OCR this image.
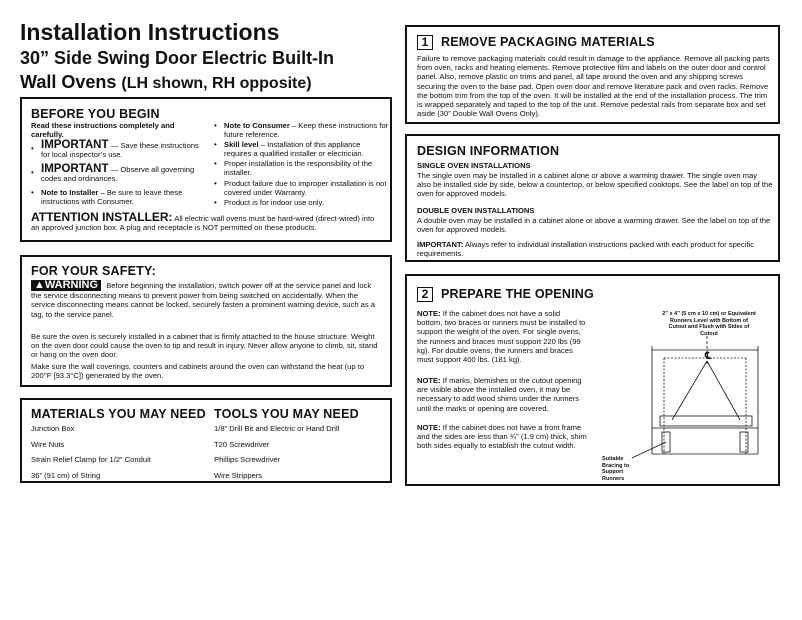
Installation Instructions
30” Side Swing Door Electric Built-In
Wall Ovens (LH shown, RH opposite)
BEFORE YOU BEGIN
Read these instructions completely and carefully.
• IMPORTANT — Save these instructions for local inspector’s use.
• IMPORTANT — Observe all governing codes and ordinances.
• Note to Installer – Be sure to leave these instructions with Consumer.
• Note to Consumer – Keep these instructions for future reference.
• Skill level – Installation of this appliance requires a qualified installer or electrician.
• Proper installation is the responsibility of the installer.
• Product failure due to improper installation is not covered under Warranty.
• Product is for indoor use only.
ATTENTION INSTALLER: All electric wall ovens must be hard-wired (direct-wired) into an approved junction box. A plug and receptacle is NOT permitted on these products.
FOR YOUR SAFETY:
▲WARNING Before beginning the installation, switch power off at the service panel and lock the service disconnecting means to prevent power from being switched on accidentally. When the service disconnecting means cannot be locked, securely fasten a prominent warning device, such as a tag, to the service panel.
Be sure the oven is securely installed in a cabinet that is firmly attached to the house structure. Weight on the oven door could cause the oven to tip and result in injury. Never allow anyone to climb, sit, stand or hang on the oven door.
Make sure the wall coverings, counters and cabinets around the oven can withstand the heat (up to 200°F [93.3°C]) generated by the oven.
MATERIALS YOU MAY NEED
Junction Box
Wire Nuts
Strain Relief Clamp for 1/2” Conduit
36” (91 cm) of String
TOOLS YOU MAY NEED
1/8” Drill Bit and Electric or Hand Drill
T20 Screwdriver
Phillips Screwdriver
Wire Strippers
1 REMOVE PACKAGING MATERIALS
Failure to remove packaging materials could result in damage to the appliance. Remove all packing parts from oven, racks and heating elements. Remove protective film and labels on the outer door and control panel. Also, remove plastic on trims and panel, all tape around the oven and any shipping screws securing the oven to the base pad. Open oven door and remove literature pack and oven racks. Remove the bottom trim from the top of the oven. It will be installed at the end of the installation process. The trim is wrapped separately and taped to the top of the unit. Remove pedestal rails from separate box and set aside (30” Double Wall Ovens Only).
DESIGN INFORMATION
SINGLE OVEN INSTALLATIONS
The single oven may be installed in a cabinet alone or above a warming drawer. The single oven may also be installed side by side, below a countertop, or below specified cooktops. See the label on top of the oven for approved models.
DOUBLE OVEN INSTALLATIONS
A double oven may be installed in a cabinet alone or above a warming drawer. See the label on top of the oven for approved models.
IMPORTANT: Always refer to individual installation instructions packed with each product for specific requirements.
2 PREPARE THE OPENING
NOTE: If the cabinet does not have a solid bottom, two braces or runners must be installed to support the weight of the oven. For single ovens, the runners and braces must support 220 lbs (99 kg). For double ovens, the runners and braces must support 400 lbs. (181 kg).
NOTE: If marks, blemishes or the cutout opening are visible above the installed oven, it may be necessary to add wood shims under the runners until the marks or opening are covered.
NOTE: If the cabinet does not have a front frame and the sides are less than ¾” (1.9 cm) thick, shim both sides equally to establish the cutout width.
2” x 4” (5 cm x 10 cm) or Equivalent Runners Level with Bottom of Cutout and Flush with Sides of Cutout
Suitable Bracing to Support Runners
℄
